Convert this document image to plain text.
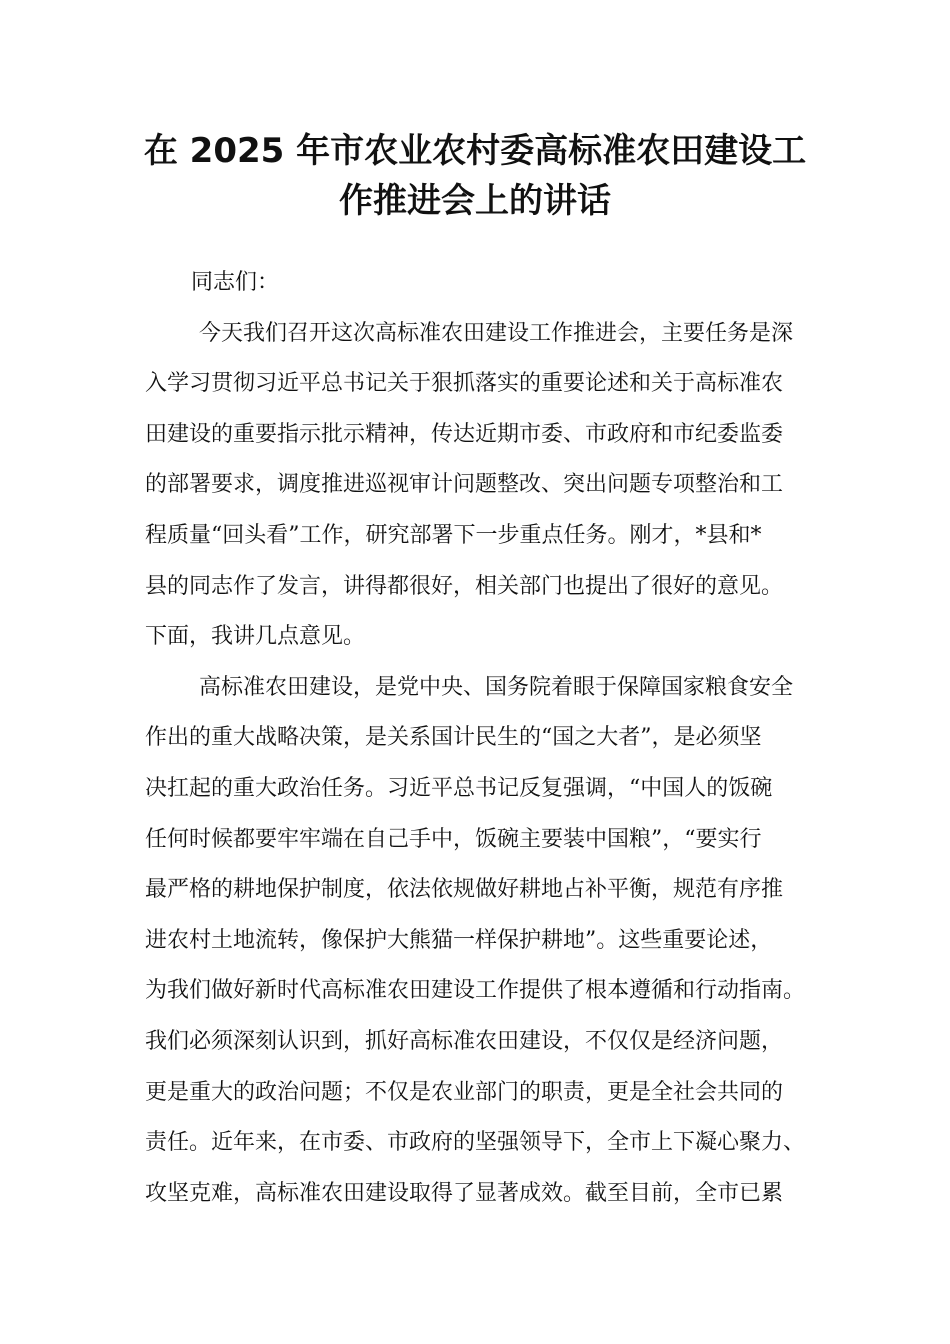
在 2025 年市农业农村委高标准农田建设工
作推进会上的讲话
同志们：
今天我们召开这次高标准农田建设工作推进会，主要任务是深
入学习贯彻习近平总书记关于狠抓落实的重要论述和关于高标准农
田建设的重要指示批示精神，传达近期市委、市政府和市纪委监委
的部署要求，调度推进巡视审计问题整改、突出问题专项整治和工
程质量“回头看”工作，研究部署下一步重点任务。刚才，*县和*
县的同志作了发言，讲得都很好，相关部门也提出了很好的意见。
下面，我讲几点意见。
高标准农田建设，是党中央、国务院着眼于保障国家粮食安全
作出的重大战略决策，是关系国计民生的“国之大者”，是必须坚
决扛起的重大政治任务。习近平总书记反复强调，“中国人的饭碗
任何时候都要牢牢端在自己手中，饭碗主要装中国粮”，“要实行
最严格的耕地保护制度，依法依规做好耕地占补平衡，规范有序推
进农村土地流转，像保护大熊猫一样保护耕地”。这些重要论述，
为我们做好新时代高标准农田建设工作提供了根本遵循和行动指南。
我们必须深刻认识到，抓好高标准农田建设，不仅仅是经济问题，
更是重大的政治问题；不仅是农业部门的职责，更是全社会共同的
责任。近年来，在市委、市政府的坚强领导下，全市上下凝心聚力、
攻坚克难，高标准农田建设取得了显著成效。截至目前，全市已累
